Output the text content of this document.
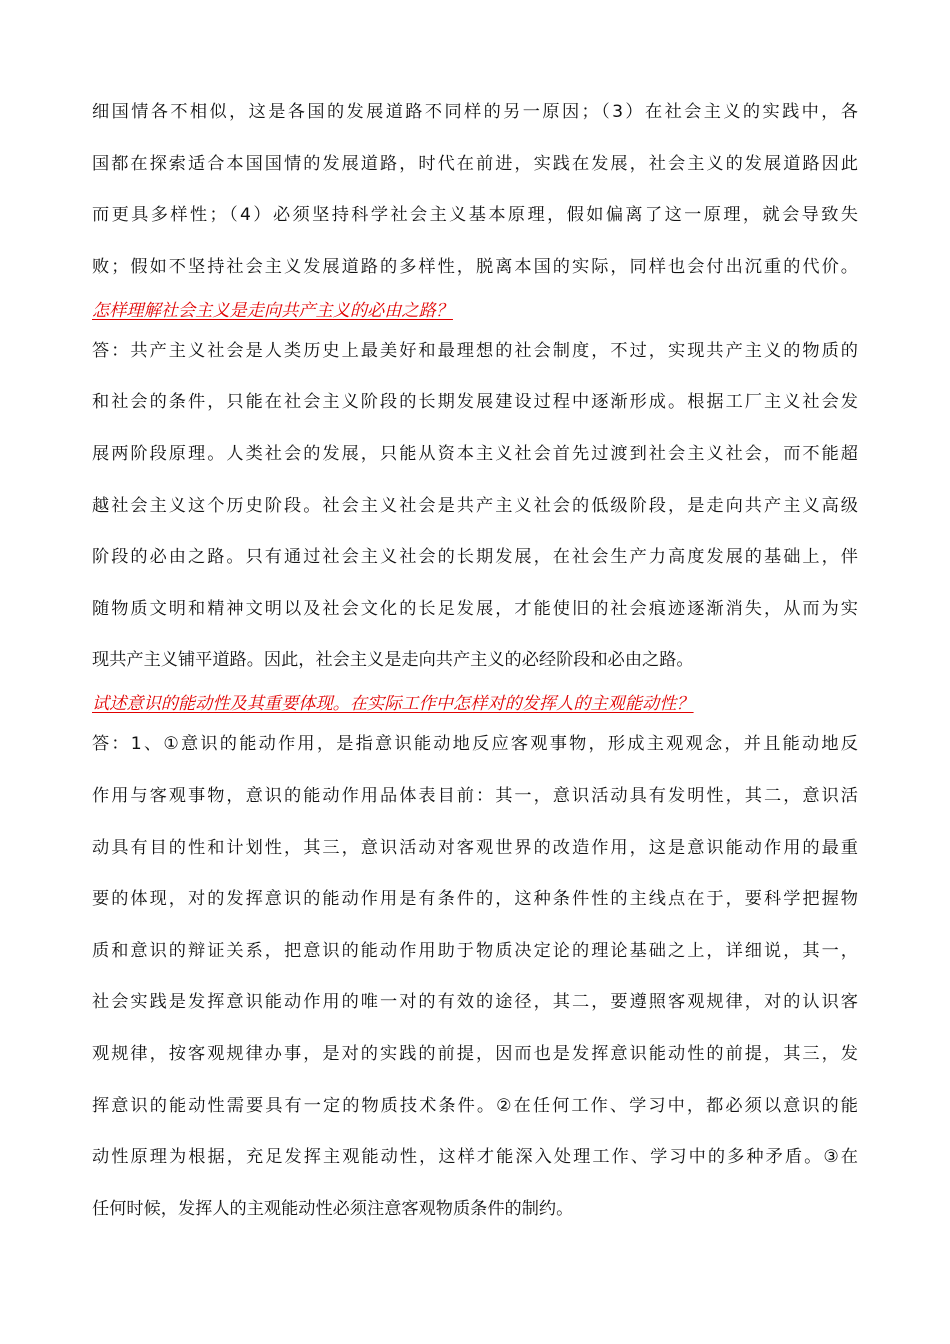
细国情各不相似，这是各国的发展道路不同样的另一原因；（3）在社会主义的实践中，各
国都在探索适合本国国情的发展道路，时代在前进，实践在发展，社会主义的发展道路因此
而更具多样性；（4）必须坚持科学社会主义基本原理，假如偏离了这一原理，就会导致失
败；假如不坚持社会主义发展道路的多样性，脱离本国的实际，同样也会付出沉重的代价。
怎样理解社会主义是走向共产主义的必由之路？
答：共产主义社会是人类历史上最美好和最理想的社会制度，不过，实现共产主义的物质的
和社会的条件，只能在社会主义阶段的长期发展建设过程中逐渐形成。根据工厂主义社会发
展两阶段原理。人类社会的发展，只能从资本主义社会首先过渡到社会主义社会，而不能超
越社会主义这个历史阶段。社会主义社会是共产主义社会的低级阶段，是走向共产主义高级
阶段的必由之路。只有通过社会主义社会的长期发展，在社会生产力高度发展的基础上，伴
随物质文明和精神文明以及社会文化的长足发展，才能使旧的社会痕迹逐渐消失，从而为实
现共产主义铺平道路。因此，社会主义是走向共产主义的必经阶段和必由之路。
试述意识的能动性及其重要体现。在实际工作中怎样对的发挥人的主观能动性？
答：1、①意识的能动作用，是指意识能动地反应客观事物，形成主观观念，并且能动地反
作用与客观事物，意识的能动作用品体表目前：其一，意识活动具有发明性，其二，意识活
动具有目的性和计划性，其三，意识活动对客观世界的改造作用，这是意识能动作用的最重
要的体现，对的发挥意识的能动作用是有条件的，这种条件性的主线点在于，要科学把握物
质和意识的辩证关系，把意识的能动作用助于物质决定论的理论基础之上，详细说，其一，
社会实践是发挥意识能动作用的唯一对的有效的途径，其二，要遵照客观规律，对的认识客
观规律，按客观规律办事，是对的实践的前提，因而也是发挥意识能动性的前提，其三，发
挥意识的能动性需要具有一定的物质技术条件。②在任何工作、学习中，都必须以意识的能
动性原理为根据，充足发挥主观能动性，这样才能深入处理工作、学习中的多种矛盾。③在
任何时候，发挥人的主观能动性必须注意客观物质条件的制约。
